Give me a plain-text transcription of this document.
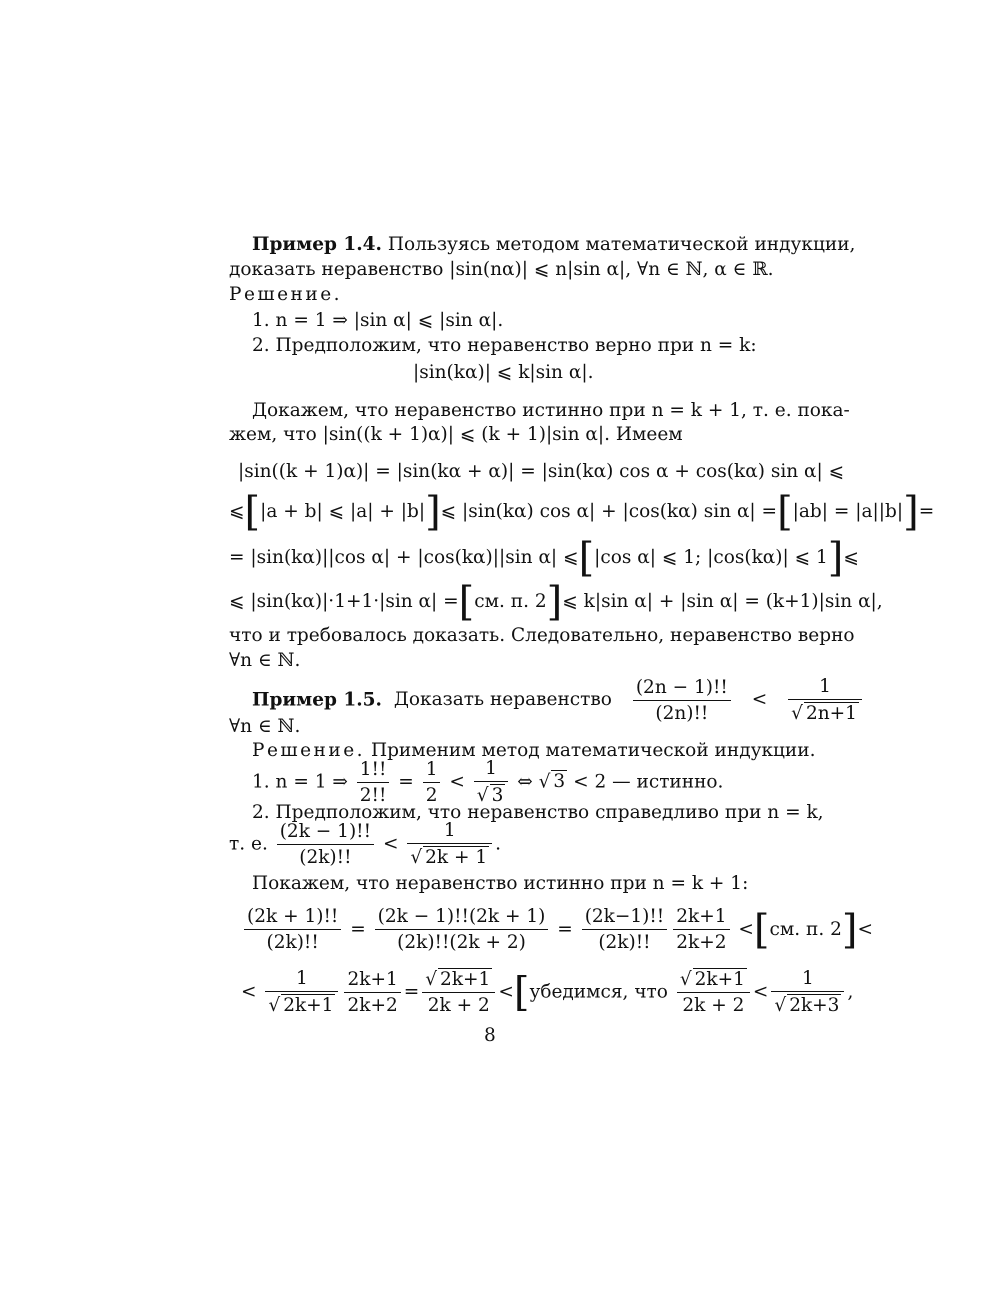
Пример 1.4. Пользуясь методом математической индукции,
доказать неравенство |sin(nα)| ⩽ n|sin α|, ∀n ∈ ℕ, α ∈ ℝ.
Решение.
1. n = 1 ⇒ |sin α| ⩽ |sin α|.
2. Предположим, что неравенство верно при n = k:
|sin(kα)| ⩽ k|sin α|.
Докажем, что неравенство истинно при n = k + 1, т. е. пока-
жем, что |sin((k + 1)α)| ⩽ (k + 1)|sin α|. Имеем
|sin((k + 1)α)| = |sin(kα + α)| = |sin(kα) cos α + cos(kα) sin α| ⩽
⩽[|a + b| ⩽ |a| + |b|]⩽ |sin(kα) cos α| + |cos(kα) sin α| =[|ab| = |a||b|]=
= |sin(kα)||cos α| + |cos(kα)||sin α| ⩽[|cos α| ⩽ 1; |cos(kα)| ⩽ 1]⩽
⩽ |sin(kα)|·1+1·|sin α| =[см. п. 2]⩽ k|sin α| + |sin α| = (k+1)|sin α|,
что и требовалось доказать. Следовательно, неравенство верно
∀n ∈ ℕ.
Пример 1.5. Доказать неравенство $\frac{(2n - 1)!!}{(2n)!!} < \frac{1}{√ 2n+1}$
∀n ∈ ℕ.
Решение. Применим метод математической индукции.
1. n = 1 ⇒ $\frac{1!!}{2!!} = \frac{1}{2} < \frac{1}{√ 3}$ ⇔ √ 3 < 2 — истинно.
2. Предположим, что неравенство справедливо при n = k,
т. е. $\frac{(2k - 1)!!}{(2k)!!} < \frac{1}{√ 2k + 1}$ .
Покажем, что неравенство истинно при n = k + 1:
$\frac{(2k + 1)!!}{(2k)!!} = \frac{(2k - 1)!!(2k + 1)}{(2k)!!(2k + 2)} = \frac{(2k-1)!!}{(2k)!!} \frac{2k+1}{2k+2} <[см$. п. 2]<
< $\frac{1}{√ 2k+1} \frac{2k+1}{2k+2} = \frac{√ 2k+1}{2k + 2}$ <[убедимся, что $\frac{√ 2k+1}{2k + 2} < \frac{1}{√ 2k+3}$ ,
8
